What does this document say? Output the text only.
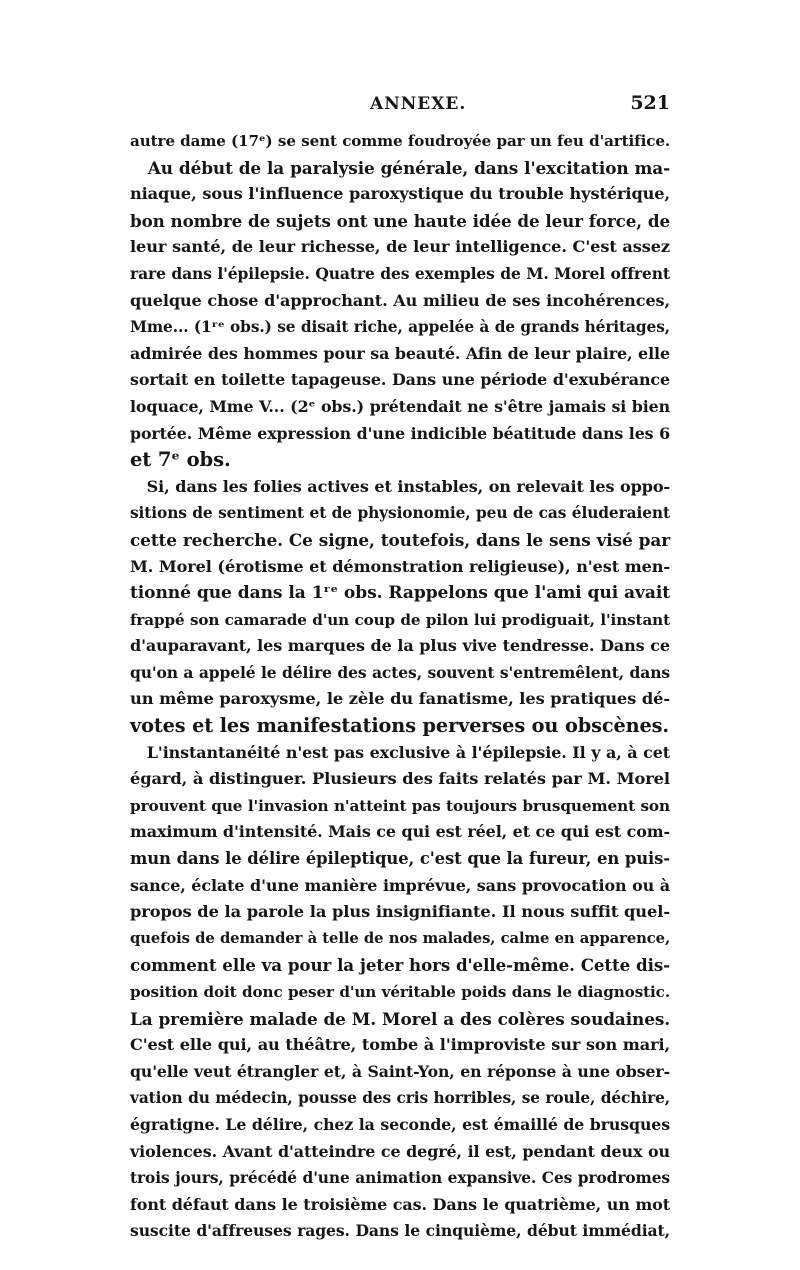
ANNEXE.	521
autre dame (17ᵉ) se sent comme foudroyée par un feu d'artifice.
Au début de la paralysie générale, dans l'excitation ma-
niaque, sous l'influence paroxystique du trouble hystérique,
bon nombre de sujets ont une haute idée de leur force, de
leur santé, de leur richesse, de leur intelligence. C'est assez
rare dans l'épilepsie. Quatre des exemples de M. Morel offrent
quelque chose d'approchant. Au milieu de ses incohérences,
Mme... (1ʳᵉ obs.) se disait riche, appelée à de grands héritages,
admirée des hommes pour sa beauté. Afin de leur plaire, elle
sortait en toilette tapageuse. Dans une période d'exubérance
loquace, Mme V... (2ᵉ obs.) prétendait ne s'être jamais si bien
portée. Même expression d'une indicible béatitude dans les 6
et 7ᵉ obs.
Si, dans les folies actives et instables, on relevait les oppo-
sitions de sentiment et de physionomie, peu de cas éluderaient
cette recherche. Ce signe, toutefois, dans le sens visé par
M. Morel (érotisme et démonstration religieuse), n'est men-
tionné que dans la 1ʳᵉ obs. Rappelons que l'ami qui avait
frappé son camarade d'un coup de pilon lui prodiguait, l'instant
d'auparavant, les marques de la plus vive tendresse. Dans ce
qu'on a appelé le délire des actes, souvent s'entremêlent, dans
un même paroxysme, le zèle du fanatisme, les pratiques dé-
votes et les manifestations perverses ou obscènes.
L'instantanéité n'est pas exclusive à l'épilepsie. Il y a, à cet
égard, à distinguer. Plusieurs des faits relatés par M. Morel
prouvent que l'invasion n'atteint pas toujours brusquement son
maximum d'intensité. Mais ce qui est réel, et ce qui est com-
mun dans le délire épileptique, c'est que la fureur, en puis-
sance, éclate d'une manière imprévue, sans provocation ou à
propos de la parole la plus insignifiante. Il nous suffit quel-
quefois de demander à telle de nos malades, calme en apparence,
comment elle va pour la jeter hors d'elle-même. Cette dis-
position doit donc peser d'un véritable poids dans le diagnostic.
La première malade de M. Morel a des colères soudaines.
C'est elle qui, au théâtre, tombe à l'improviste sur son mari,
qu'elle veut étrangler et, à Saint-Yon, en réponse à une obser-
vation du médecin, pousse des cris horribles, se roule, déchire,
égratigne. Le délire, chez la seconde, est émaillé de brusques
violences. Avant d'atteindre ce degré, il est, pendant deux ou
trois jours, précédé d'une animation expansive. Ces prodromes
font défaut dans le troisième cas. Dans le quatrième, un mot
suscite d'affreuses rages. Dans le cinquième, début immédiat,
